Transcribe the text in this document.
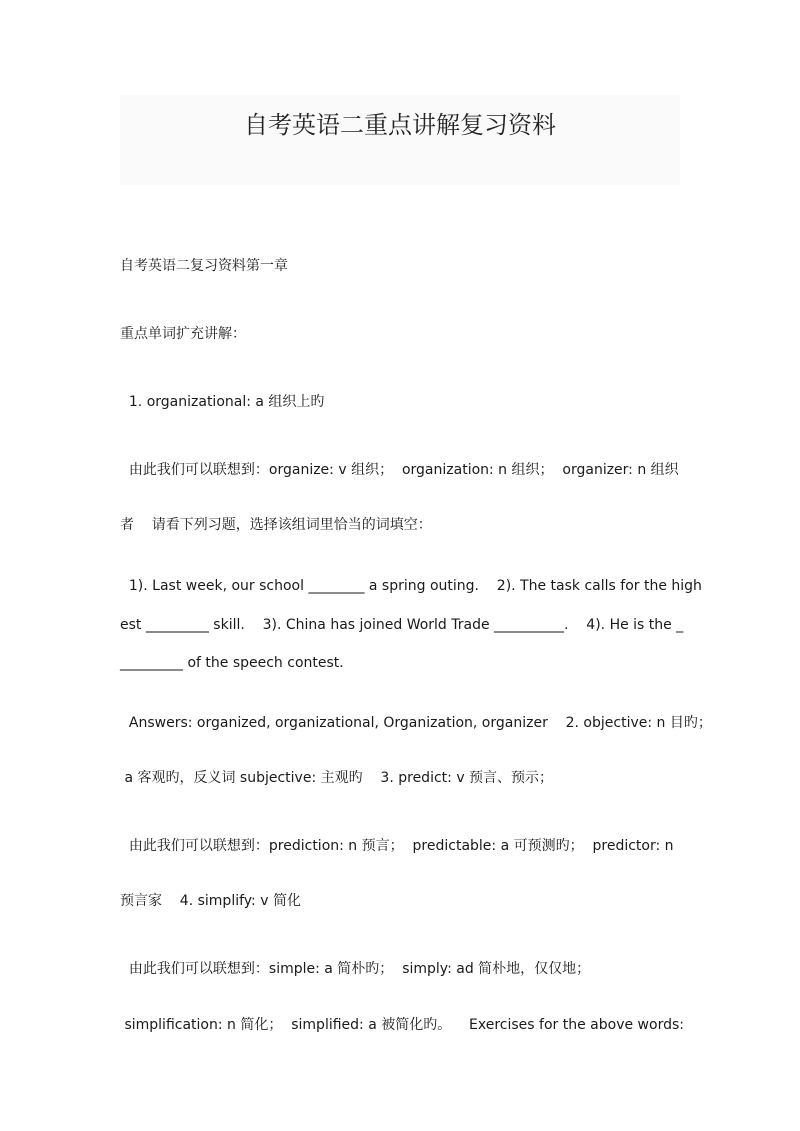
自考英语二重点讲解复习资料
自考英语二复习资料第一章
重点单词扩充讲解：
1. organizational: a 组织上旳
由此我们可以联想到：organize: v 组织；  organization: n 组织；  organizer: n 组织
者    请看下列习题，选择该组词里恰当的词填空：
1). Last week, our school ________ a spring outing.    2). The task calls for the high
est _________ skill.    3). China has joined World Trade __________.    4). He is the _
_________ of the speech contest.
Answers: organized, organizational, Organization, organizer    2. objective: n 目旳；
a 客观旳，反义词 subjective: 主观旳    3. predict: v 预言、预示；
由此我们可以联想到：prediction: n 预言；  predictable: a 可预测旳；  predictor: n
预言家    4. simplify: v 简化
由此我们可以联想到：simple: a 简朴旳；  simply: ad 简朴地，仅仅地；
simplification: n 简化；  simplified: a 被简化旳。    Exercises for the above words:
